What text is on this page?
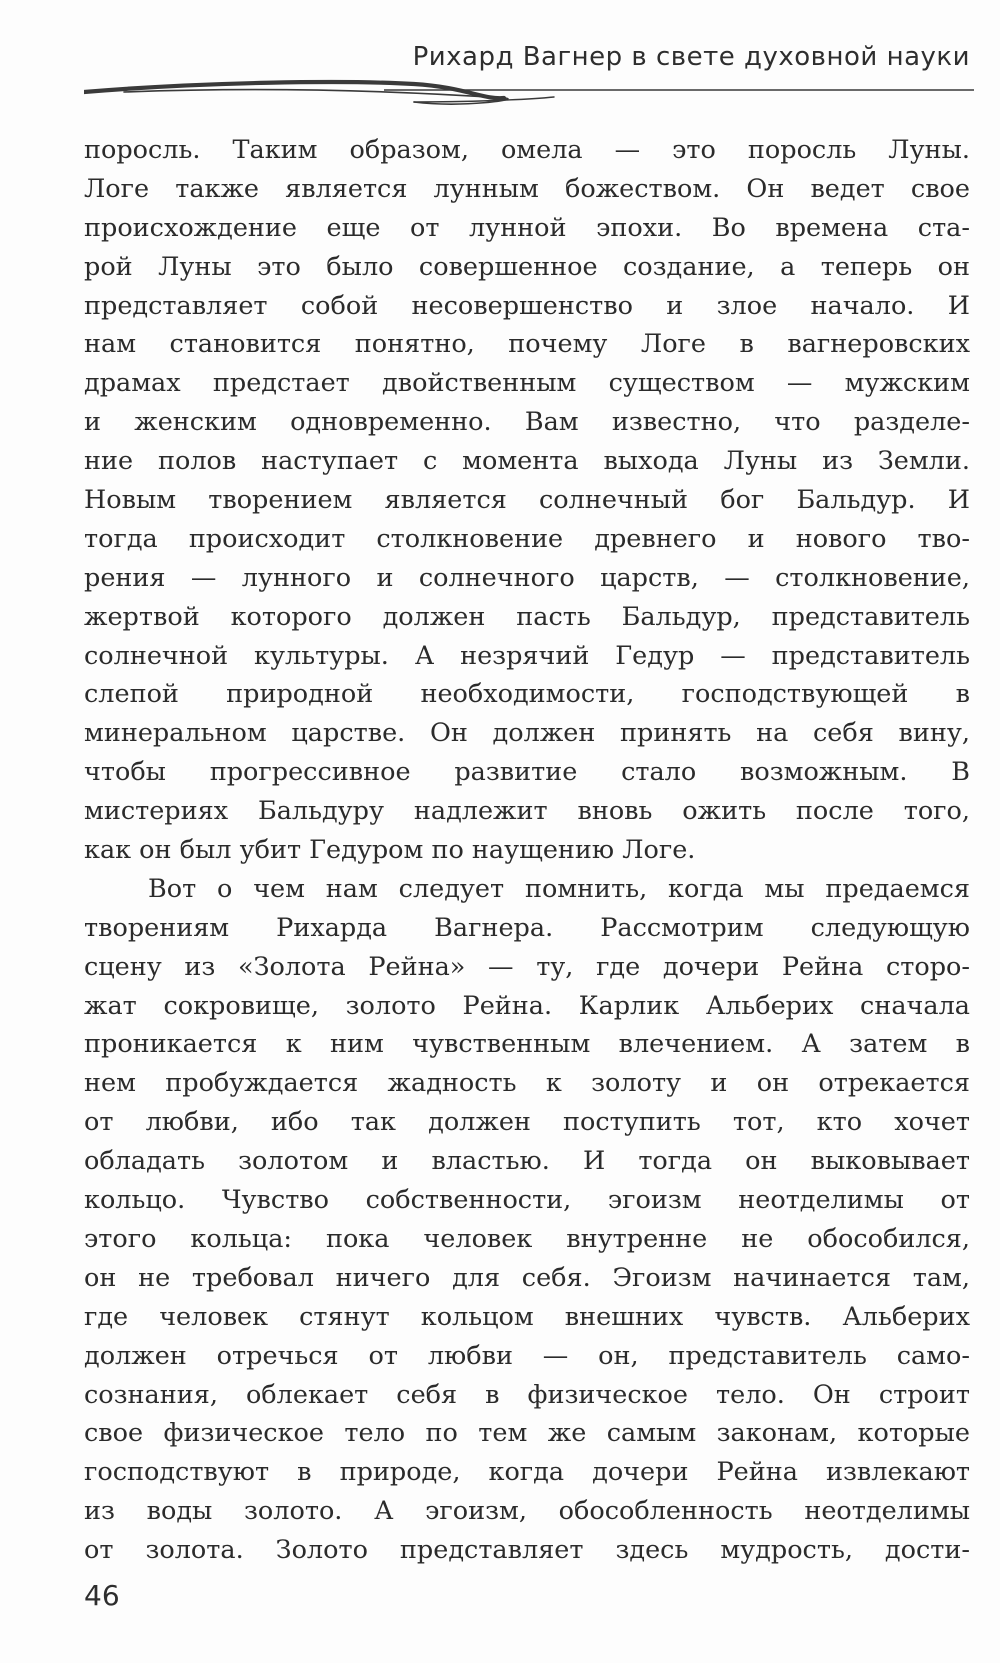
Рихард Вагнер в свете духовной науки
поросль. Таким образом, омела — это поросль Луны.
Логе также является лунным божеством. Он ведет свое
происхождение еще от лунной эпохи. Во времена ста-
рой Луны это было совершенное создание, а теперь он
представляет собой несовершенство и злое начало. И
нам становится понятно, почему Логе в вагнеровских
драмах предстает двойственным существом — мужским
и женским одновременно. Вам известно, что разделе-
ние полов наступает с момента выхода Луны из Земли.
Новым творением является солнечный бог Бальдур. И
тогда происходит столкновение древнего и нового тво-
рения — лунного и солнечного царств, — столкновение,
жертвой которого должен пасть Бальдур, представитель
солнечной культуры. А незрячий Гедур — представитель
слепой природной необходимости, господствующей в
минеральном царстве. Он должен принять на себя вину,
чтобы прогрессивное развитие стало возможным. В
мистериях Бальдуру надлежит вновь ожить после того,
как он был убит Гедуром по наущению Логе.
Вот о чем нам следует помнить, когда мы предаемся
творениям Рихарда Вагнера. Рассмотрим следующую
сцену из «Золота Рейна» — ту, где дочери Рейна сторо-
жат сокровище, золото Рейна. Карлик Альберих сначала
проникается к ним чувственным влечением. А затем в
нем пробуждается жадность к золоту и он отрекается
от любви, ибо так должен поступить тот, кто хочет
обладать золотом и властью. И тогда он выковывает
кольцо. Чувство собственности, эгоизм неотделимы от
этого кольца: пока человек внутренне не обособился,
он не требовал ничего для себя. Эгоизм начинается там,
где человек стянут кольцом внешних чувств. Альберих
должен отречься от любви — он, представитель само-
сознания, облекает себя в физическое тело. Он строит
свое физическое тело по тем же самым законам, которые
господствуют в природе, когда дочери Рейна извлекают
из воды золото. А эгоизм, обособленность неотделимы
от золота. Золото представляет здесь мудрость, дости-
46
